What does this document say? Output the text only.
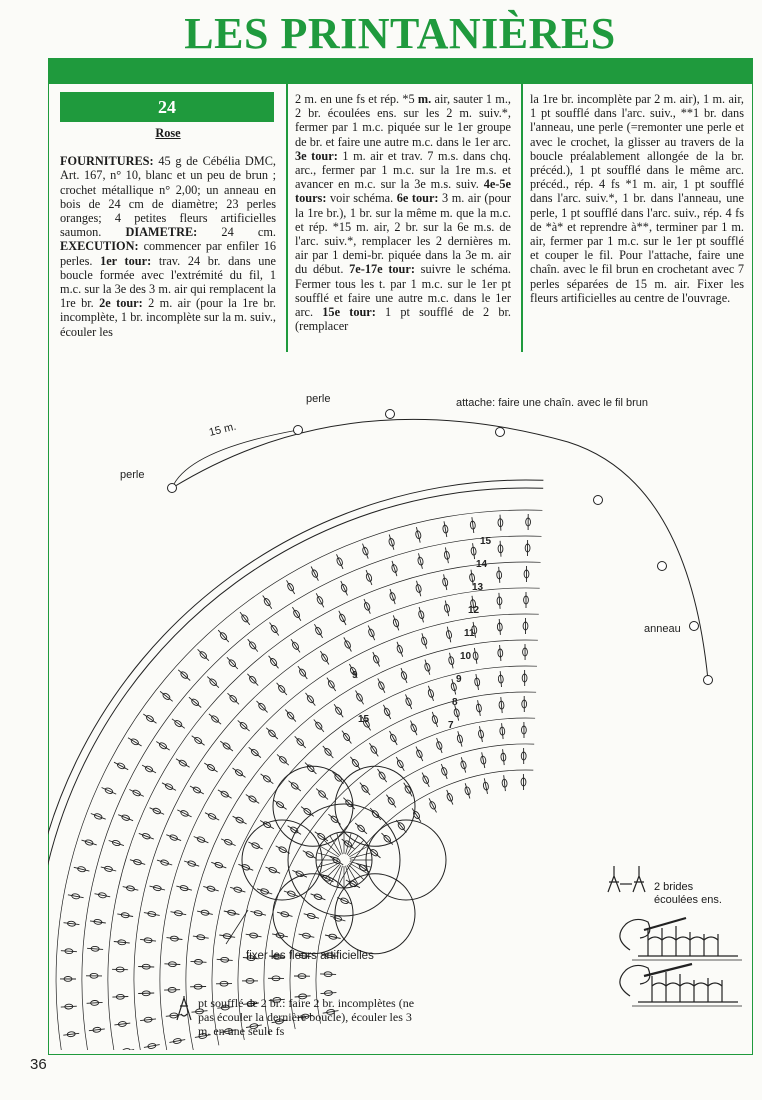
LES PRINTANIÈRES
24
Rose

FOURNITURES: 45 g de Cébélia DMC, Art. 167, n° 10, blanc et un peu de brun ; crochet métallique n° 2,00; un anneau en bois de 24 cm de diamètre; 23 perles oranges; 4 petites fleurs artificielles saumon. DIAMETRE: 24 cm. EXECUTION: commencer par enfiler 16 perles. 1er tour: trav. 24 br. dans une boucle formée avec l'extrémité du fil, 1 m.c. sur la 3e des 3 m. air qui remplacent la 1re br. 2e tour: 2 m. air (pour la 1re br. incomplète, 1 br. incomplète sur la m. suiv., écouler les

2 m. en une fs et rép. *5 m. air, sauter 1 m., 2 br. écoulées ens. sur les 2 m. suiv.*, fermer par 1 m.c. piquée sur le 1er groupe de br. et faire une autre m.c. dans le 1er arc. 3e tour: 1 m. air et trav. 7 m.s. dans chq. arc., fermer par 1 m.c. sur la 1re m.s. et avancer en m.c. sur la 3e m.s. suiv. 4e-5e tours: voir schéma. 6e tour: 3 m. air (pour la 1re br.), 1 br. sur la même m. que la m.c. et rép. *15 m. air, 2 br. sur la 6e m.s. de l'arc. suiv.*, remplacer les 2 dernières m. air par 1 demi-br. piquée dans la 3e m. air du début. 7e-17e tour: suivre le schéma. Fermer tous les t. par 1 m.c. sur le 1er pt soufflé et faire une autre m.c. dans le 1er arc. 15e tour: 1 pt soufflé de 2 br. (remplacer

la 1re br. incomplète par 2 m. air), 1 m. air, 1 pt soufflé dans l'arc. suiv., **1 br. dans l'anneau, une perle (=remonter une perle et avec le crochet, la glisser au travers de la boucle préalablement allongée de la br. précéd.), 1 pt soufflé dans le même arc. précéd., rép. 4 fs *1 m. air, 1 pt soufflé dans l'arc. suiv.*, 1 br. dans l'anneau, une perle, 1 pt soufflé dans l'arc. suiv., rép. 4 fs de *à* et reprendre à**, terminer par 1 m. air, fermer par 1 m.c. sur le 1er pt soufflé et couper le fil. Pour l'attache, faire une chaîn. avec le fil brun en crochetant avec 7 perles séparées de 15 m. air. Fixer les fleurs artificielles au centre de l'ouvrage.

15
14
13
12
11
10
9
8
7
perle
perle
15 m.
attache: faire une chaîn. avec le fil brun
anneau
9
15
fixer les fleurs artificielles
2 brides écoulées ens.
pt soufflé de 2 br.: faire 2 br. incomplètes (ne pas écouler la dernière boucle), écouler les 3 m. en une seule fs
36
